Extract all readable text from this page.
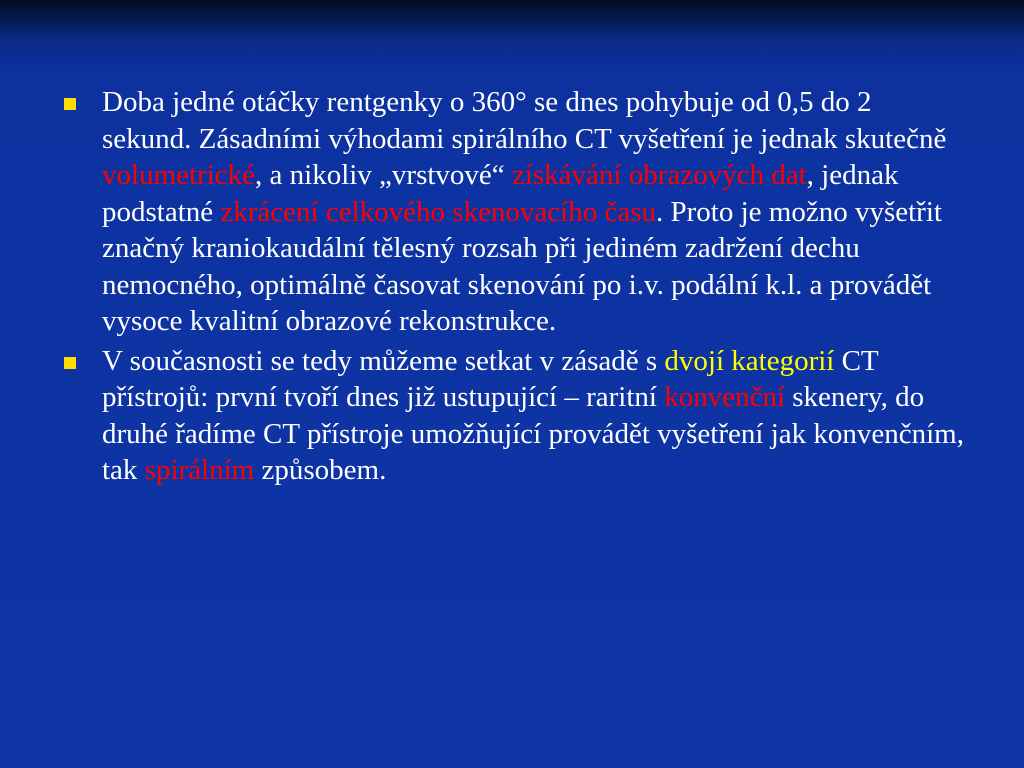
Doba jedné otáčky rentgenky o 360° se dnes pohybuje od 0,5 do 2 sekund. Zásadními výhodami spirálního CT vyšetření je jednak skutečně volumetrické, a nikoliv „vrstvové“ získávání obrazových dat, jednak podstatné zkrácení celkového skenovacího času. Proto je možno vyšetřit značný kraniokaudální tělesný rozsah při jediném zadržení dechu nemocného, optimálně časovat skenování po i.v. podální k.l. a provádět vysoce kvalitní obrazové rekonstrukce.
V současnosti se tedy můžeme setkat v zásadě s dvojí kategorií CT přístrojů: první tvoří dnes již ustupující – raritní konvenční skenery, do druhé řadíme CT přístroje umožňující provádět vyšetření jak konvenčním, tak spirálním způsobem.
